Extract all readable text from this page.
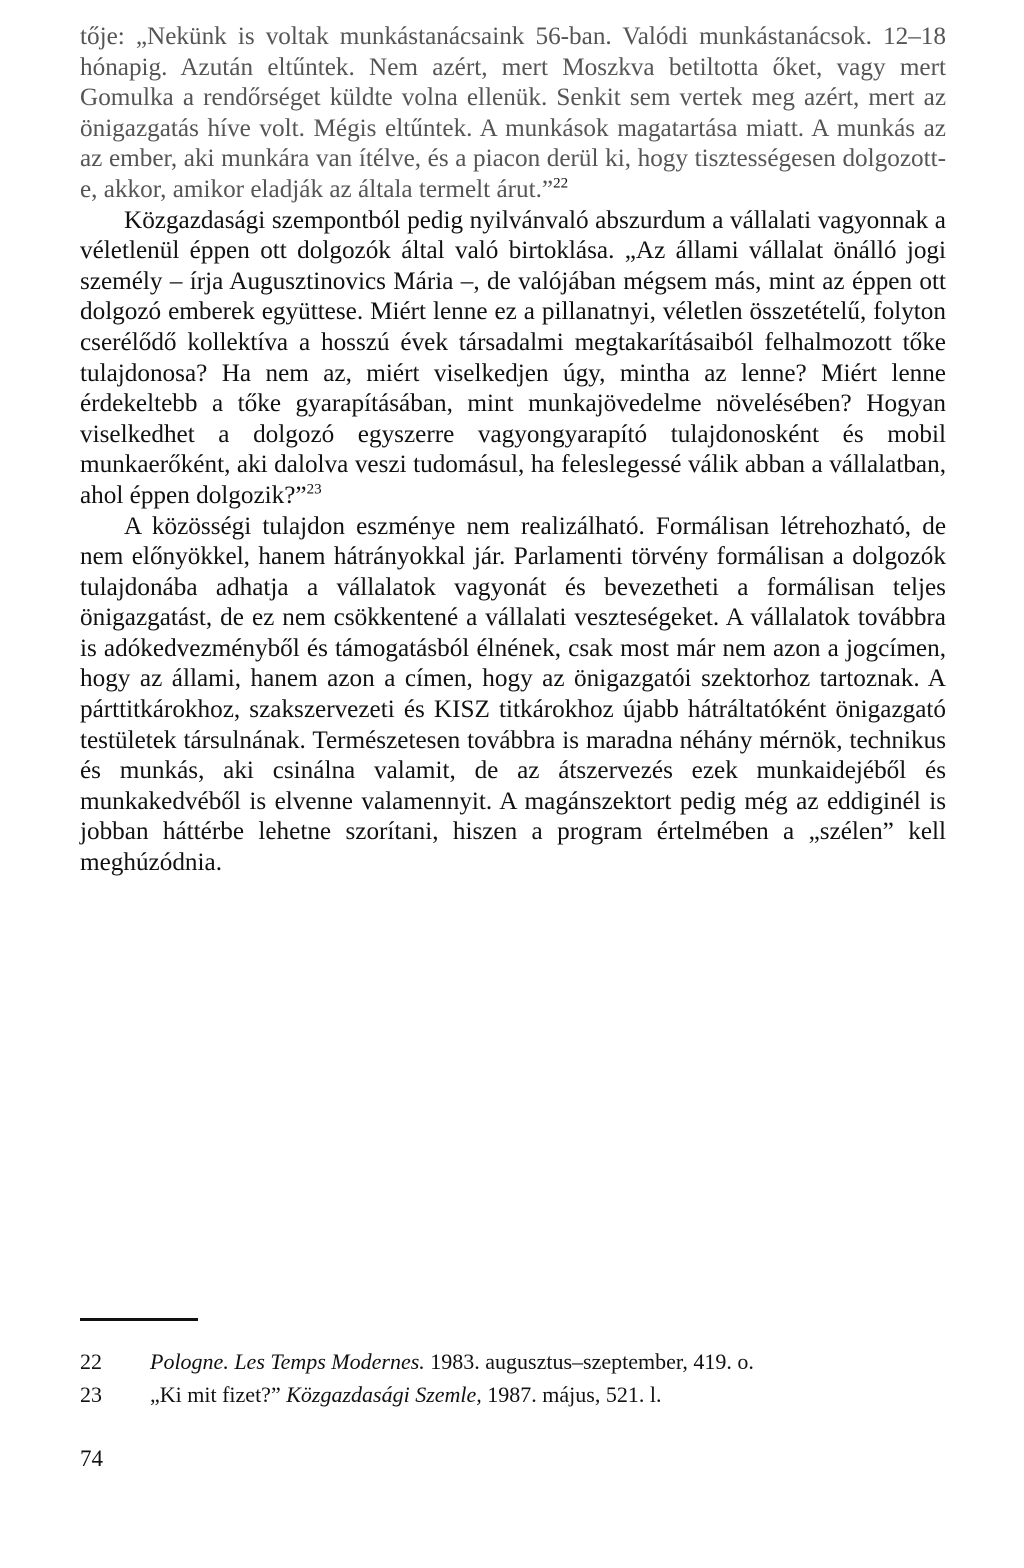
tője: „Nekünk is voltak munkástanácsaink 56-ban. Valódi munkástanácsok. 12–18 hónapig. Azután eltűntek. Nem azért, mert Moszkva betiltotta őket, vagy mert Gomulka a rendőrséget küldte volna ellenük. Senkit sem vertek meg azért, mert az önigazgatás híve volt. Mégis eltűntek. A munkások magatartása miatt. A munkás az az ember, aki munkára van ítélve, és a piacon derül ki, hogy tisztességesen dolgozott-e, akkor, amikor eladják az általa termelt árut.”$^{22}$

Közgazdasági szempontból pedig nyilvánvaló abszurdum a vállalati vagyonnak a véletlenül éppen ott dolgozók által való birtoklása. „Az állami vállalat önálló jogi személy – írja Augusztinovics Mária –, de valójában mégsem más, mint az éppen ott dolgozó emberek együttese. Miért lenne ez a pillanatnyi, véletlen összetételű, folyton cserélődő kollektíva a hosszú évek társadalmi megtakarításaiból felhalmozott tőke tulajdonosa? Ha nem az, miért viselkedjen úgy, mintha az lenne? Miért lenne érdekeltebb a tőke gyarapításában, mint munkajövedelme növelésében? Hogyan viselkedhet a dolgozó egyszerre vagyongyarapító tulajdonosként és mobil munkaerőként, aki dalolva veszi tudomásul, ha feleslegessé válik abban a vállalatban, ahol éppen dolgozik?”$^{23}$

A közösségi tulajdon eszménye nem realizálható. Formálisan létrehozható, de nem előnyökkel, hanem hátrányokkal jár. Parlamenti törvény formálisan a dolgozók tulajdonába adhatja a vállalatok vagyonát és bevezetheti a formálisan teljes önigazgatást, de ez nem csökkentené a vállalati veszteségeket. A vállalatok továbbra is adókedvezményből és támogatásból élnének, csak most már nem azon a jogcímen, hogy az állami, hanem azon a címen, hogy az önigazgatói szektorhoz tartoznak. A párttitkárokhoz, szakszervezeti és KISZ titkárokhoz újabb hátráltatóként önigazgató testületek társulnának. Természetesen továbbra is maradna néhány mérnök, technikus és munkás, aki csinálna valamit, de az átszervezés ezek munkaidejéből és munkakedvéből is elvenne valamennyit. A magánszektort pedig még az eddiginél is jobban háttérbe lehetne szorítani, hiszen a program értelmében a „szélen” kell meghúzódnia.

22 Pologne. Les Temps Modernes. 1983. augusztus–szeptember, 419. o.
23 „Ki mit fizet?” Közgazdasági Szemle, 1987. május, 521. l.
74
